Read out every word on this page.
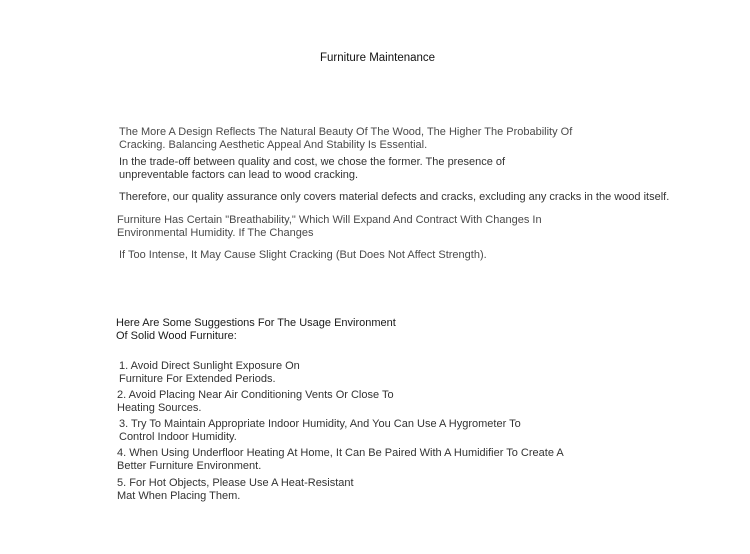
Furniture Maintenance

The More A Design Reflects The Natural Beauty Of The Wood, The Higher The Probability Of

Cracking. Balancing Aesthetic Appeal And Stability Is Essential.

In the trade-off between quality and cost, we chose the former. The presence of

unpreventable factors can lead to wood cracking.

Therefore, our quality assurance only covers material defects and cracks, excluding any cracks in the wood itself.

Furniture Has Certain "Breathability," Which Will Expand And Contract With Changes In

Environmental Humidity. If The Changes

If Too Intense, It May Cause Slight Cracking (But Does Not Affect Strength).

Here Are Some Suggestions For The Usage Environment

Of Solid Wood Furniture:

1. Avoid Direct Sunlight Exposure On

Furniture For Extended Periods.

2. Avoid Placing Near Air Conditioning Vents Or Close To

Heating Sources.

3. Try To Maintain Appropriate Indoor Humidity, And You Can Use A Hygrometer To

Control Indoor Humidity.

4. When Using Underfloor Heating At Home, It Can Be Paired With A Humidifier To Create A

Better Furniture Environment.

5. For Hot Objects, Please Use A Heat-Resistant

Mat When Placing Them.
